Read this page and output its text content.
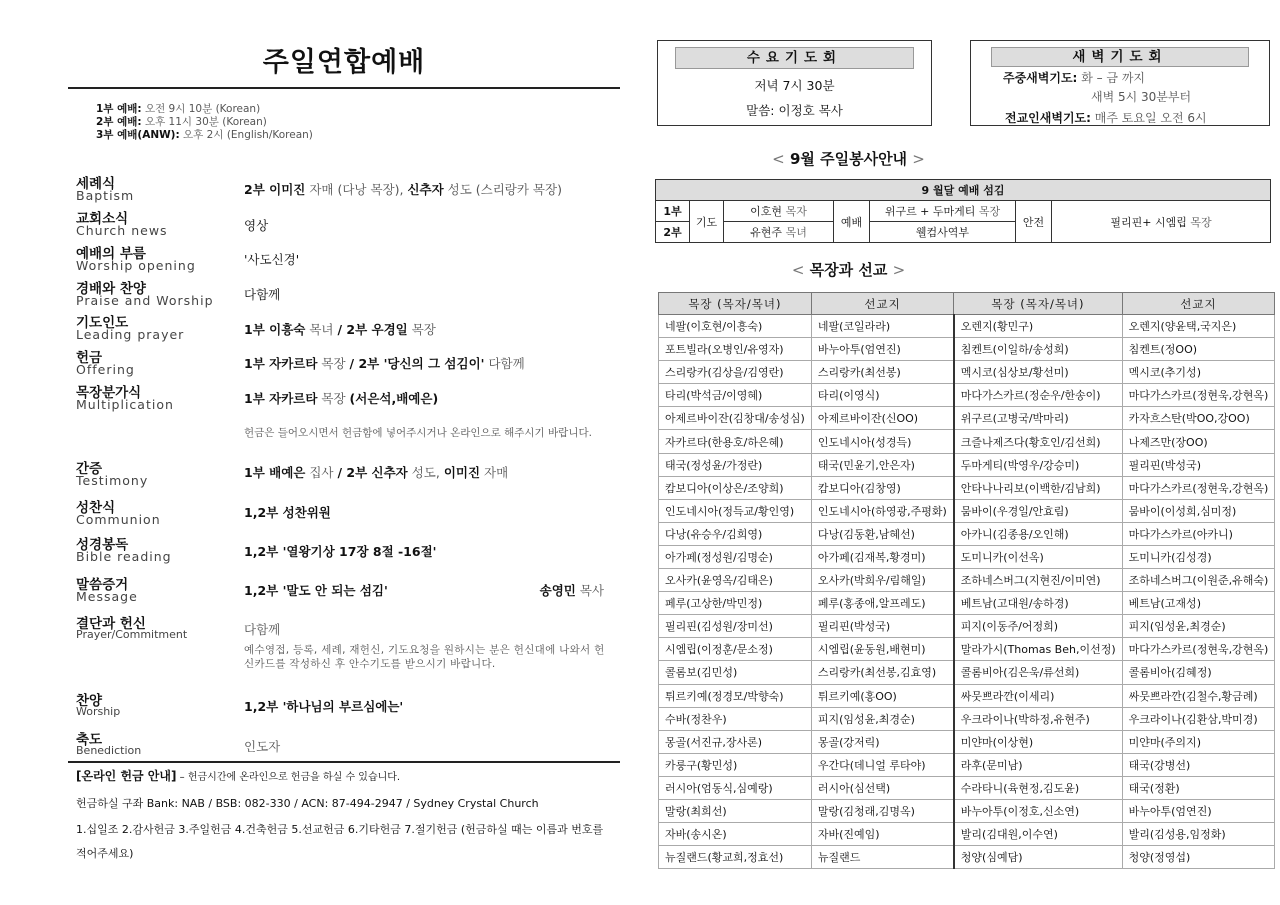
주일연합예배
1부 예배: 오전 9시 10분 (Korean)
2부 예배: 오후 11시 30분 (Korean)
3부 예배(ANW): 오후 2시 (English/Korean)
세례식
Baptism	2부 이미진 자매 (다낭 목장), 신추자 성도 (스리랑카 목장)
교회소식
Church news	영상
예배의 부름
Worship opening	'사도신경'
경배와 찬양
Praise and Worship 다함께
기도인도
Leading prayer	1부 이흥숙 목녀 / 2부 우경일 목장
헌금
Offering	1부 자카르타 목장 / 2부 '당신의 그 섬김이' 다함께
목장분가식
Multiplication	1부 자카르타 목장 (서은석,배예은)
헌금은 들어오시면서 헌금함에 넣어주시거나 온라인으로 해주시기 바랍니다.
간증
Testimony
1부 배예은 집사 / 2부 신추자 성도, 이미진 자매
성찬식
Communion	1,2부 성찬위원
성경봉독
Bible reading	1,2부 '열왕기상 17장 8절 -16절'
말씀증거
Message	1,2부 '말도 안 되는 섬김'	송영민 목사
결단과 헌신
Prayer/Commitment	다함께
예수영접, 등록, 세례, 재헌신, 기도요청을 원하시는 분은 헌신대에 나와서 헌신카드를 작성하신 후 안수기도를 받으시기 바랍니다.
찬양
Worship	1,2부 '하나님의 부르심에는'
축도
Benediction	인도자
[온라인 헌금 안내] – 헌금시간에 온라인으로 헌금을 하실 수 있습니다.
헌금하실 구좌 Bank: NAB / BSB: 082-330 / ACN: 87-494-2947 / Sydney Crystal Church
1.십일조 2.감사헌금 3.주일헌금 4.건축헌금 5.선교헌금 6.기타헌금 7.절기헌금 (헌금하실 때는 이름과 번호를
적어주세요)
수요기도회
저녁 7시 30분
말씀: 이정호 목사
새벽기도회
주중새벽기도: 화 – 금 까지
새벽 5시 30분부터
전교인새벽기도: 매주 토요일 오전 6시
< 9월 주일봉사안내 >
9 월달 예배 섬김						
1부	기도	이호현 목자	예배	위구르 + 두마게티 목장	안전	필리핀+ 시엠립 목장
2부		유현주 목녀		웰컴사역부		
< 목장과 선교 >
목장 (목자/목녀)	선교지	목장 (목자/목녀)	선교지
네팔(이호현/이흥숙)	네팔(코일라라)	오렌지(황민구)	오렌지(양윤택,국지은)
포트빌라(오병인/유영자)	바누아투(엄연진)	침켄트(이일하/송성희)	침켄트(정OO)
스리랑카(김상을/김영란)	스리랑카(최선봉)	멕시코(심상보/황선미)	멕시코(추기성)
타리(박석금/이영혜)	타리(이영식)	마다가스카르(정순우/한송이)	마다가스카르(정현욱,강현옥)
아제르바이잔(김창대/송성심)	아제르바이잔(신OO)	위구르(고병국/박마리)	카자흐스탄(박OO,강OO)
자카르타(한용호/하은혜)	인도네시아(성경득)	크즐나제즈다(황호인/김선희)	나제즈만(장OO)
태국(정성윤/가정란)	태국(민윤기,안은자)	두마게티(박영우/강승미)	필리핀(박성국)
캄보디아(이상은/조양희)	캄보디아(김창영)	안타나나리보(이백한/김남희)	마다가스카르(정현욱,강현옥)
인도네시아(정득교/황인영)	인도네시아(하영광,주평화)	뭄바이(우경일/안효림)	뭄바이(이성희,심미정)
다낭(유승우/김희영)	다낭(김동환,남혜선)	아카니(김종용/오인해)	마다가스카르(아카니)
아가페(정성원/김명순)	아가페(김재복,황경미)	도미니카(이선옥)	도미니카(김성경)
오사카(윤영옥/김태은)	오사카(박희우/림해일)	조하네스버그(지현진/이미연)	조하네스버그(이원준,유해숙)
페루(고상한/박민정)	페루(홍종애,알프레도)	베트남(고대원/송하경)	베트남(고재성)
필리핀(김성원/장미선)	필리핀(박성국)	피지(이동주/어정희)	피지(임성윤,최경순)
시엠립(이정훈/문소정)	시엠립(윤동원,배현미)	말라가시(Thomas Beh,이선정)	마다가스카르(정현욱,강현옥)
콜롬보(김민성)	스리랑카(최선봉,김효영)	콜롬비아(김은욱/류선희)	콜롬비아(김혜정)
튀르키예(정경모/박향숙)	튀르키예(홍OO)	싸뭇쁘라깐(이세리)	싸뭇쁘라깐(김철수,황금례)
수바(정찬우)	피지(임성윤,최경순)	우크라이나(박하정,유현주)	우크라이나(김환삼,박미경)
몽골(서진규,장사론)	몽골(강저릭)	미얀마(이상현)	미얀마(주의지)
카룽구(황민성)	우간다(데니얼 루타야)	라후(문미남)	태국(강병선)
러시아(엄동식,심예랑)	러시아(심선택)	수라타니(육현정,김도윤)	태국(정환)
말랑(최희선)	말랑(김청래,김명옥)	바누아투(이정호,신소연)	바누아투(엄연진)
자바(송시온)	자바(진예임)	발리(김대원,이수연)	발리(김성용,임정화)
뉴질랜드(황교희,정효선)	뉴질랜드	청양(심예담)	청양(정영섭)
